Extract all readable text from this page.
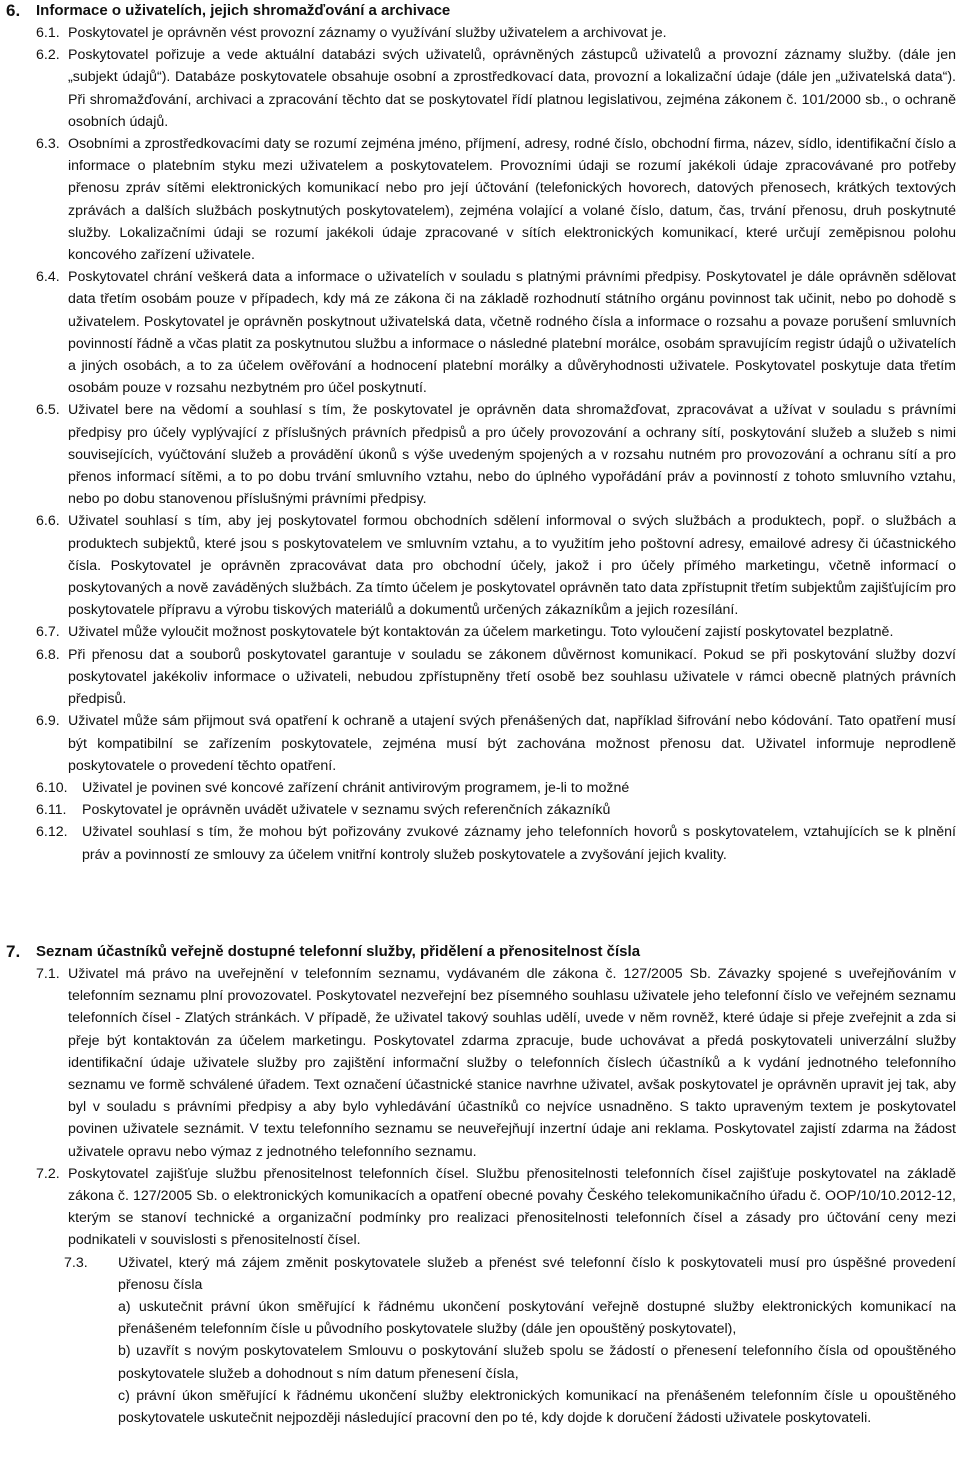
6.	Informace o uživatelích, jejich shromažďování a archivace
6.1. Poskytovatel je oprávněn vést provozní záznamy o využívání služby uživatelem a archivovat je.
6.2. Poskytovatel pořizuje a vede aktuální databázi svých uživatelů, oprávněných zástupců uživatelů a provozní záznamy služby. (dále jen „subjekt údajů“). Databáze poskytovatele obsahuje osobní a zprostředkovací data, provozní a lokalizační údaje (dále jen „uživatelská data“). Při shromažďování, archivaci a zpracování těchto dat se poskytovatel řídí platnou legislativou, zejména zákonem č. 101/2000 sb., o ochraně osobních údajů.
6.3. Osobními a zprostředkovacími daty se rozumí zejména jméno, příjmení, adresy, rodné číslo, obchodní firma, název, sídlo, identifikační číslo a informace o platebním styku mezi uživatelem a poskytovatelem. Provozními údaji se rozumí jakékoli údaje zpracovávané pro potřeby přenosu zpráv sítěmi elektronických komunikací nebo pro její účtování (telefonických hovorech, datových přenosech, krátkých textových zprávách a dalších službách poskytnutých poskytovatelem), zejména volající a volané číslo, datum, čas, trvání přenosu, druh poskytnuté služby. Lokalizačními údaji se rozumí jakékoli údaje zpracované v sítích elektronických komunikací, které určují zeměpisnou polohu koncového zařízení uživatele.
6.4. Poskytovatel chrání veškerá data a informace o uživatelích v souladu s platnými právními předpisy. Poskytovatel je dále oprávněn sdělovat data třetím osobám pouze v případech, kdy má ze zákona či na základě rozhodnutí státního orgánu povinnost tak učinit, nebo po dohodě s uživatelem. Poskytovatel je oprávněn poskytnout uživatelská data, včetně rodného čísla a informace o rozsahu a povaze porušení smluvních povinností řádně a včas platit za poskytnutou službu a informace o následné platební morálce, osobám spravujícím registr údajů o uživatelích a jiných osobách, a to za účelem ověřování a hodnocení platební morálky a důvěryhodnosti uživatele. Poskytovatel poskytuje data třetím osobám pouze v rozsahu nezbytném pro účel poskytnutí.
6.5. Uživatel bere na vědomí a souhlasí s tím, že poskytovatel je oprávněn data shromažďovat, zpracovávat a užívat v souladu s právními předpisy pro účely vyplývající z příslušných právních předpisů a pro účely provozování a ochrany sítí, poskytování služeb a služeb s nimi souvisejících, vyúčtování služeb a provádění úkonů s výše uvedeným spojených a v rozsahu nutném pro provozování a ochranu sítí a pro přenos informací sítěmi, a to po dobu trvání smluvního vztahu, nebo do úplného vypořádání práv a povinností z tohoto smluvního vztahu, nebo po dobu stanovenou příslušnými právními předpisy.
6.6. Uživatel souhlasí s tím, aby jej poskytovatel formou obchodních sdělení informoval o svých službách a produktech, popř. o službách a produktech subjektů, které jsou s poskytovatelem ve smluvním vztahu, a to využitím jeho poštovní adresy, emailové adresy či účastnického čísla. Poskytovatel je oprávněn zpracovávat data pro obchodní účely, jakož i pro účely přímého marketingu, včetně informací o poskytovaných a nově zaváděných službách. Za tímto účelem je poskytovatel oprávněn tato data zpřístupnit třetím subjektům zajišťujícím pro poskytovatele přípravu a výrobu tiskových materiálů a dokumentů určených zákazníkům a jejich rozesílání.
6.7. Uživatel může vyloučit možnost poskytovatele být kontaktován za účelem marketingu. Toto vyloučení zajistí poskytovatel bezplatně.
6.8. Při přenosu dat a souborů poskytovatel garantuje v souladu se zákonem důvěrnost komunikací. Pokud se při poskytování služby dozví poskytovatel jakékoliv informace o uživateli, nebudou zpřístupněny třetí osobě bez souhlasu uživatele v rámci obecně platných právních předpisů.
6.9. Uživatel může sám přijmout svá opatření k ochraně a utajení svých přenášených dat, například šifrování nebo kódování. Tato opatření musí být kompatibilní se zařízením poskytovatele, zejména musí být zachována možnost přenosu dat. Uživatel informuje neprodleně poskytovatele o provedení těchto opatření.
6.10.	Uživatel je povinen své koncové zařízení chránit antivirovým programem, je-li to možné
6.11.	Poskytovatel je oprávněn uvádět uživatele v seznamu svých referenčních zákazníků
6.12.	Uživatel souhlasí s tím, že mohou být pořizovány zvukové záznamy jeho telefonních hovorů s poskytovatelem, vztahujících se k plnění práv a povinností ze smlouvy za účelem vnitřní kontroly služeb poskytovatele a zvyšování jejich kvality.
7.	Seznam účastníků veřejně dostupné telefonní služby, přidělení a přenositelnost čísla
7.1. Uživatel má právo na uveřejnění v telefonním seznamu, vydávaném dle zákona č. 127/2005 Sb. Závazky spojené s uveřejňováním v telefonním seznamu plní provozovatel. Poskytovatel nezveřejní bez písemného souhlasu uživatele jeho telefonní číslo ve veřejném seznamu telefonních čísel - Zlatých stránkách. V případě, že uživatel takový souhlas udělí, uvede v něm rovněž, které údaje si přeje zveřejnit a zda si přeje být kontaktován za účelem marketingu. Poskytovatel zdarma zpracuje, bude uchovávat a předá poskytovateli univerzální služby identifikační údaje uživatele služby pro zajištění informační služby o telefonních číslech účastníků a k vydání jednotného telefonního seznamu ve formě schválené úřadem. Text označení účastnické stanice navrhne uživatel, avšak poskytovatel je oprávněn upravit jej tak, aby byl v souladu s právními předpisy a aby bylo vyhledávání účastníků co nejvíce usnadněno. S takto upraveným textem je poskytovatel povinen uživatele seznámit. V textu telefonního seznamu se neuveřejňují inzertní údaje ani reklama. Poskytovatel zajistí zdarma na žádost uživatele opravu nebo výmaz z jednotného telefonního seznamu.
7.2. Poskytovatel zajišťuje službu přenositelnost telefonních čísel. Službu přenositelnosti telefonních čísel zajišťuje poskytovatel na základě zákona č. 127/2005 Sb. o elektronických komunikacích a opatření obecné povahy Českého telekomunikačního úřadu č. OOP/10/10.2012-12, kterým se stanoví technické a organizační podmínky pro realizaci přenositelnosti telefonních čísel a zásady pro účtování ceny mezi podnikateli v souvislosti s přenositelností čísel.
7.3.	Uživatel, který má zájem změnit poskytovatele služeb a přenést své telefonní číslo k poskytovateli musí pro úspěšné provedení přenosu čísla
a) uskutečnit právní úkon směřující k řádnému ukončení poskytování veřejně dostupné služby elektronických komunikací na přenášeném telefonním čísle u původního poskytovatele služby (dále jen opouštěný poskytovatel),
b) uzavřít s novým poskytovatelem Smlouvu o poskytování služeb spolu se žádostí o přenesení telefonního čísla od opouštěného poskytovatele služeb a dohodnout s ním datum přenesení čísla,
c) právní úkon směřující k řádnému ukončení služby elektronických komunikací na přenášeném telefonním čísle u opouštěného poskytovatele uskutečnit nejpozději následující pracovní den po té, kdy dojde k doručení žádosti uživatele poskytovateli.
